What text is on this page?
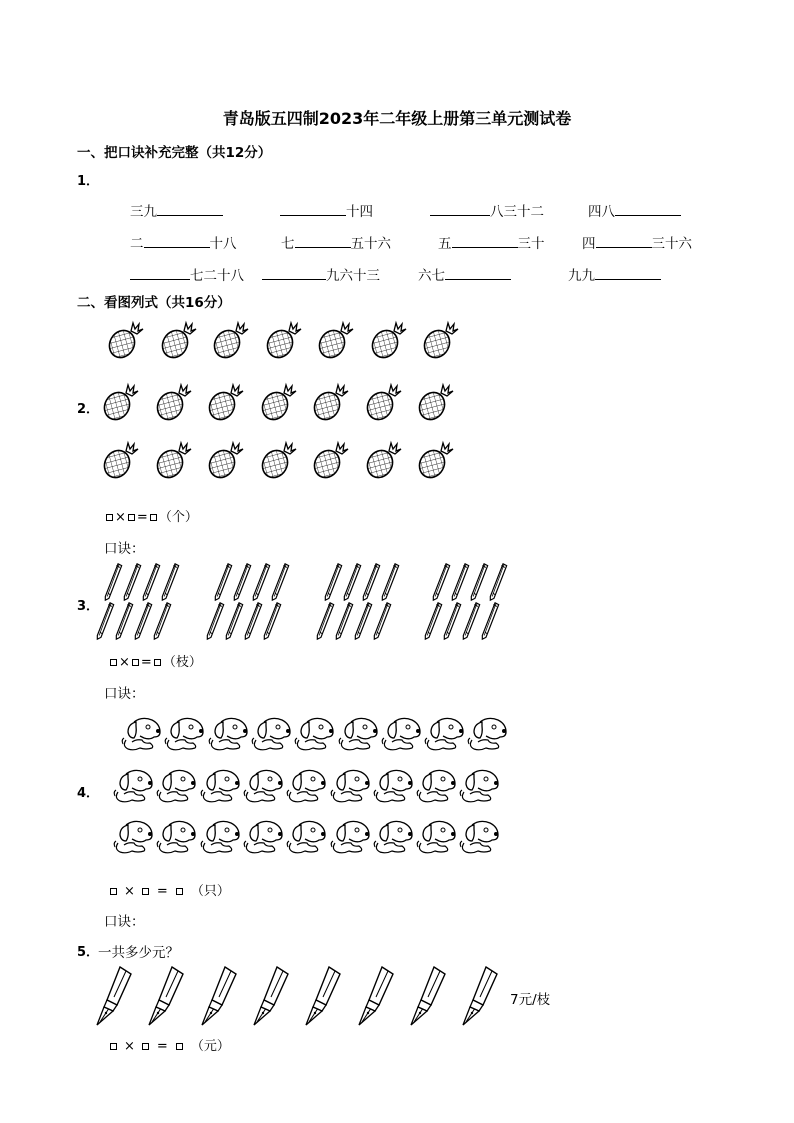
青岛版五四制2023年二年级上册第三单元测试卷
一、把口诀补充完整（共12分）
1．
三九	十四	八三十二	四八
二	十八	七	五十六	五	三十	四	三十六
七二十八	九六十三	六七	九九
二、看图列式（共16分）
2．
× = （个）
口诀：
3．
× = （枝）
口诀：
4．
× = （只）
口诀：
5．
一共多少元？
7元/枝
× = （元）
